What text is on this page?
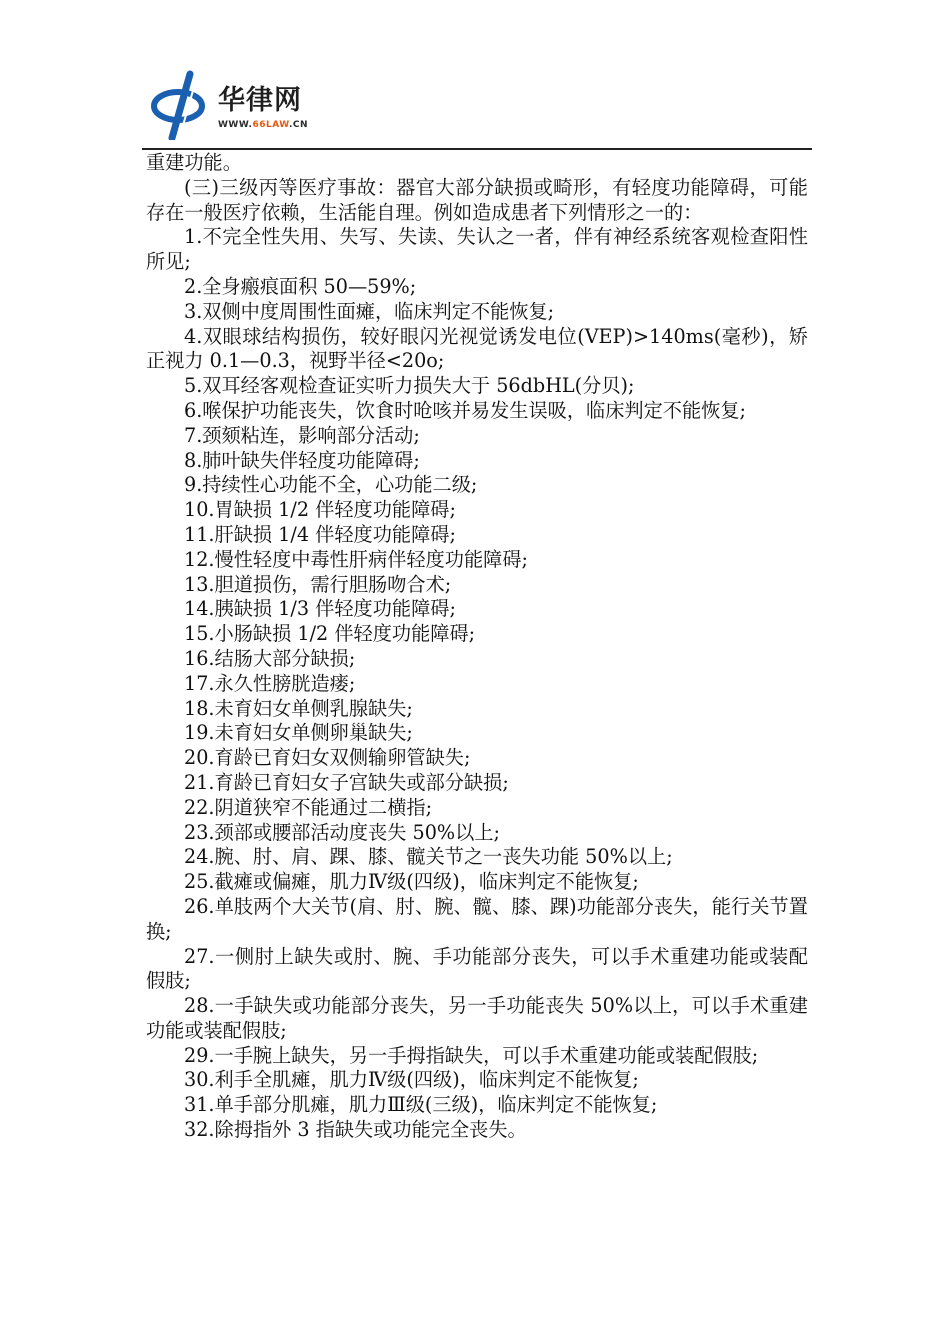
华律网
WWW.66LAW.CN

重建功能。

(三)三级丙等医疗事故：器官大部分缺损或畸形，有轻度功能障碍，可能存在一般医疗依赖，生活能自理。例如造成患者下列情形之一的：

1.不完全性失用、失写、失读、失认之一者，伴有神经系统客观检查阳性所见;

2.全身瘢痕面积 50—59%;

3.双侧中度周围性面瘫，临床判定不能恢复;

4.双眼球结构损伤，较好眼闪光视觉诱发电位(VEP)>140ms(毫秒)，矫正视力 0.1—0.3，视野半径<20o;

5.双耳经客观检查证实听力损失大于 56dbHL(分贝);

6.喉保护功能丧失，饮食时呛咳并易发生误吸，临床判定不能恢复;

7.颈颏粘连，影响部分活动;

8.肺叶缺失伴轻度功能障碍;

9.持续性心功能不全，心功能二级;

10.胃缺损 1/2 伴轻度功能障碍;

11.肝缺损 1/4 伴轻度功能障碍;

12.慢性轻度中毒性肝病伴轻度功能障碍;

13.胆道损伤，需行胆肠吻合术;

14.胰缺损 1/3 伴轻度功能障碍;

15.小肠缺损 1/2 伴轻度功能障碍;

16.结肠大部分缺损;

17.永久性膀胱造瘘;

18.未育妇女单侧乳腺缺失;

19.未育妇女单侧卵巢缺失;

20.育龄已育妇女双侧输卵管缺失;

21.育龄已育妇女子宫缺失或部分缺损;

22.阴道狭窄不能通过二横指;

23.颈部或腰部活动度丧失 50%以上;

24.腕、肘、肩、踝、膝、髋关节之一丧失功能 50%以上;

25.截瘫或偏瘫，肌力Ⅳ级(四级)，临床判定不能恢复;

26.单肢两个大关节(肩、肘、腕、髋、膝、踝)功能部分丧失，能行关节置换;

27.一侧肘上缺失或肘、腕、手功能部分丧失，可以手术重建功能或装配假肢;

28.一手缺失或功能部分丧失，另一手功能丧失 50%以上，可以手术重建功能或装配假肢;

29.一手腕上缺失，另一手拇指缺失，可以手术重建功能或装配假肢;

30.利手全肌瘫，肌力Ⅳ级(四级)，临床判定不能恢复;

31.单手部分肌瘫，肌力Ⅲ级(三级)，临床判定不能恢复;

32.除拇指外 3 指缺失或功能完全丧失。
